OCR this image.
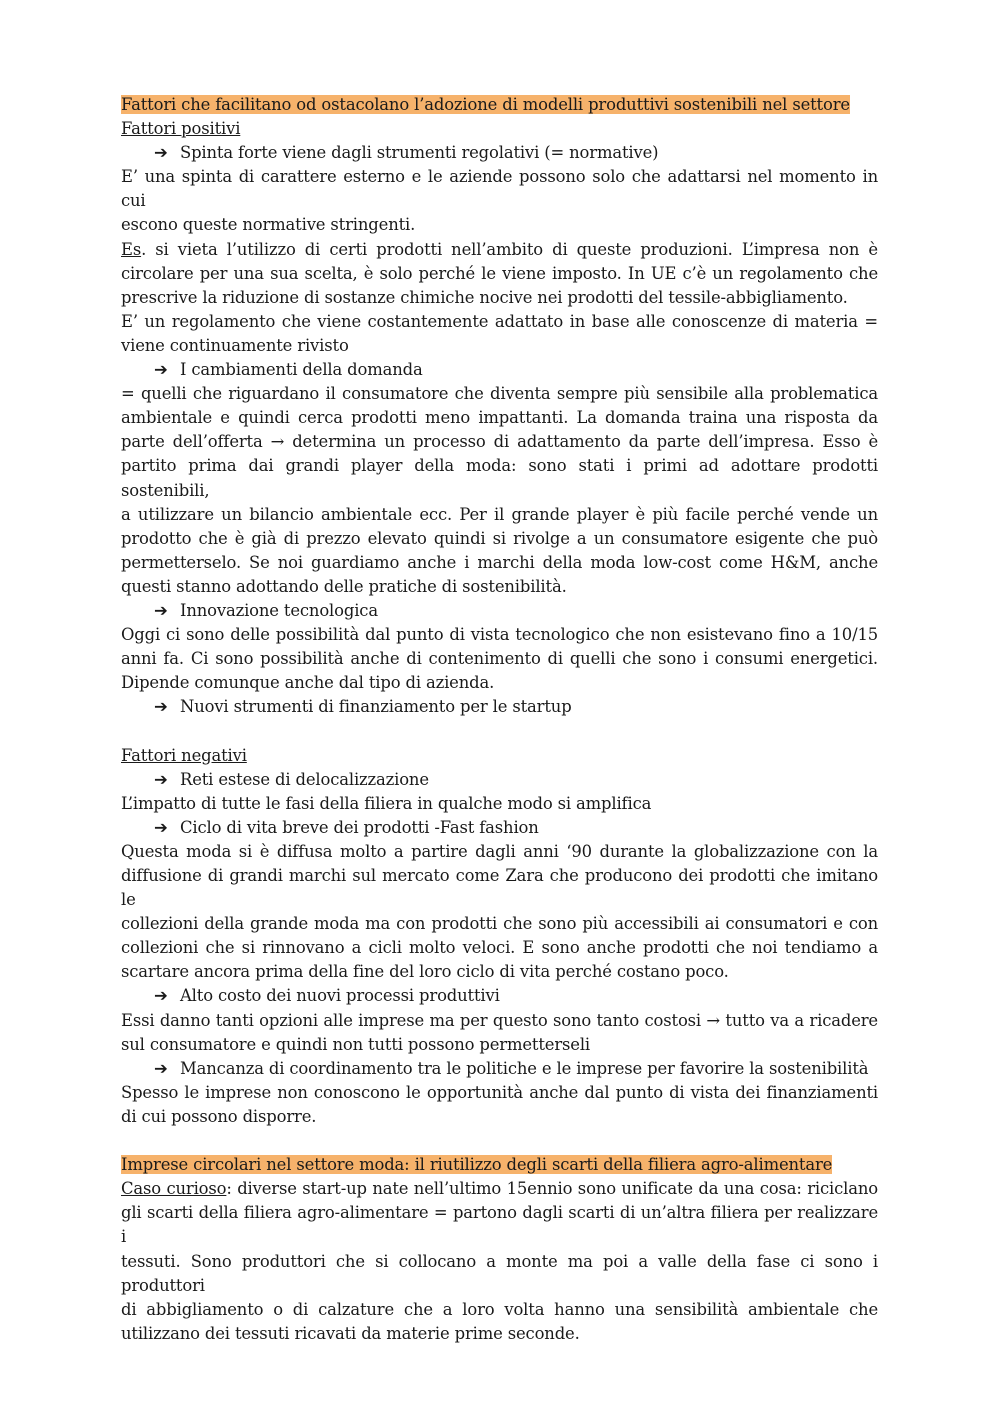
Fattori che facilitano od ostacolano l’adozione di modelli produttivi sostenibili nel settore
Fattori positivi
➔ Spinta forte viene dagli strumenti regolativi (= normative)
E’ una spinta di carattere esterno e le aziende possono solo che adattarsi nel momento in cui
escono queste normative stringenti.
Es. si vieta l’utilizzo di certi prodotti nell’ambito di queste produzioni. L’impresa non è
circolare per una sua scelta, è solo perché le viene imposto. In UE c’è un regolamento che
prescrive la riduzione di sostanze chimiche nocive nei prodotti del tessile-abbigliamento.
E’ un regolamento che viene costantemente adattato in base alle conoscenze di materia =
viene continuamente rivisto
➔ I cambiamenti della domanda
= quelli che riguardano il consumatore che diventa sempre più sensibile alla problematica
ambientale e quindi cerca prodotti meno impattanti. La domanda traina una risposta da
parte dell’offerta → determina un processo di adattamento da parte dell’impresa. Esso è
partito prima dai grandi player della moda: sono stati i primi ad adottare prodotti sostenibili,
a utilizzare un bilancio ambientale ecc. Per il grande player è più facile perché vende un
prodotto che è già di prezzo elevato quindi si rivolge a un consumatore esigente che può
permetterselo. Se noi guardiamo anche i marchi della moda low-cost come H&M, anche
questi stanno adottando delle pratiche di sostenibilità.
➔ Innovazione tecnologica
Oggi ci sono delle possibilità dal punto di vista tecnologico che non esistevano fino a 10/15
anni fa. Ci sono possibilità anche di contenimento di quelli che sono i consumi energetici.
Dipende comunque anche dal tipo di azienda.
➔ Nuovi strumenti di finanziamento per le startup
Fattori negativi
➔ Reti estese di delocalizzazione
L’impatto di tutte le fasi della filiera in qualche modo si amplifica
➔ Ciclo di vita breve dei prodotti -Fast fashion
Questa moda si è diffusa molto a partire dagli anni ‘90 durante la globalizzazione con la
diffusione di grandi marchi sul mercato come Zara che producono dei prodotti che imitano le
collezioni della grande moda ma con prodotti che sono più accessibili ai consumatori e con
collezioni che si rinnovano a cicli molto veloci. E sono anche prodotti che noi tendiamo a
scartare ancora prima della fine del loro ciclo di vita perché costano poco.
➔ Alto costo dei nuovi processi produttivi
Essi danno tanti opzioni alle imprese ma per questo sono tanto costosi → tutto va a ricadere
sul consumatore e quindi non tutti possono permetterseli
➔ Mancanza di coordinamento tra le politiche e le imprese per favorire la sostenibilità
Spesso le imprese non conoscono le opportunità anche dal punto di vista dei finanziamenti
di cui possono disporre.
Imprese circolari nel settore moda: il riutilizzo degli scarti della filiera agro-alimentare
Caso curioso: diverse start-up nate nell’ultimo 15ennio sono unificate da una cosa: riciclano
gli scarti della filiera agro-alimentare = partono dagli scarti di un’altra filiera per realizzare i
tessuti. Sono produttori che si collocano a monte ma poi a valle della fase ci sono i produttori
di abbigliamento o di calzature che a loro volta hanno una sensibilità ambientale che
utilizzano dei tessuti ricavati da materie prime seconde.
